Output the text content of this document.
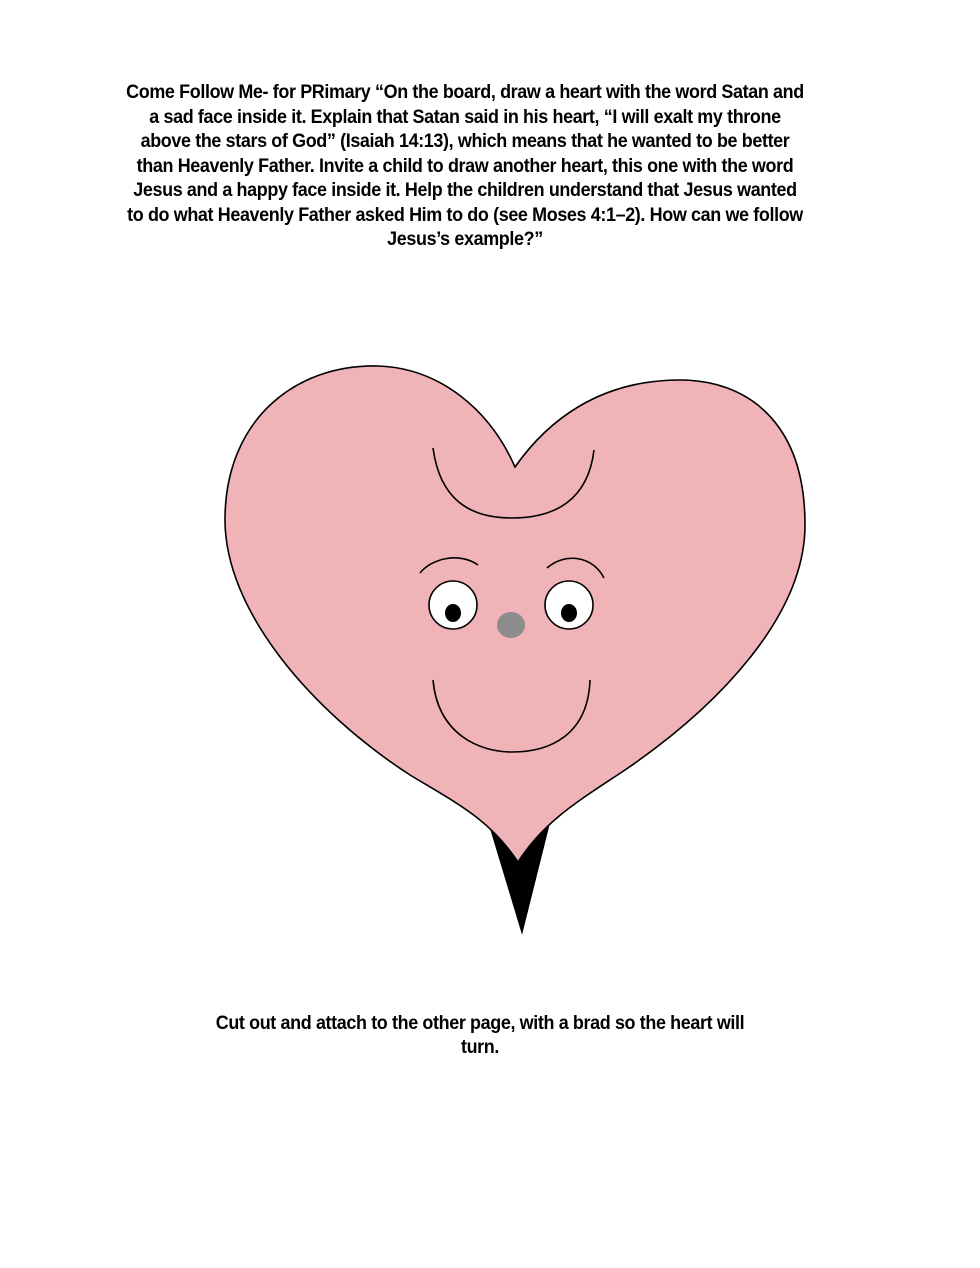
Come Follow Me- for PRimary “On the board, draw a heart with the word Satan and a sad face inside it. Explain that Satan said in his heart, “I will exalt my throne above the stars of God” (Isaiah 14:13), which means that he wanted to be better than Heavenly Father. Invite a child to draw another heart, this one with the word Jesus and a happy face inside it. Help the children understand that Jesus wanted to do what Heavenly Father asked Him to do (see Moses 4:1–2). How can we follow Jesus’s example?”

Cut out and attach to the other page, with a brad so the heart will turn.
